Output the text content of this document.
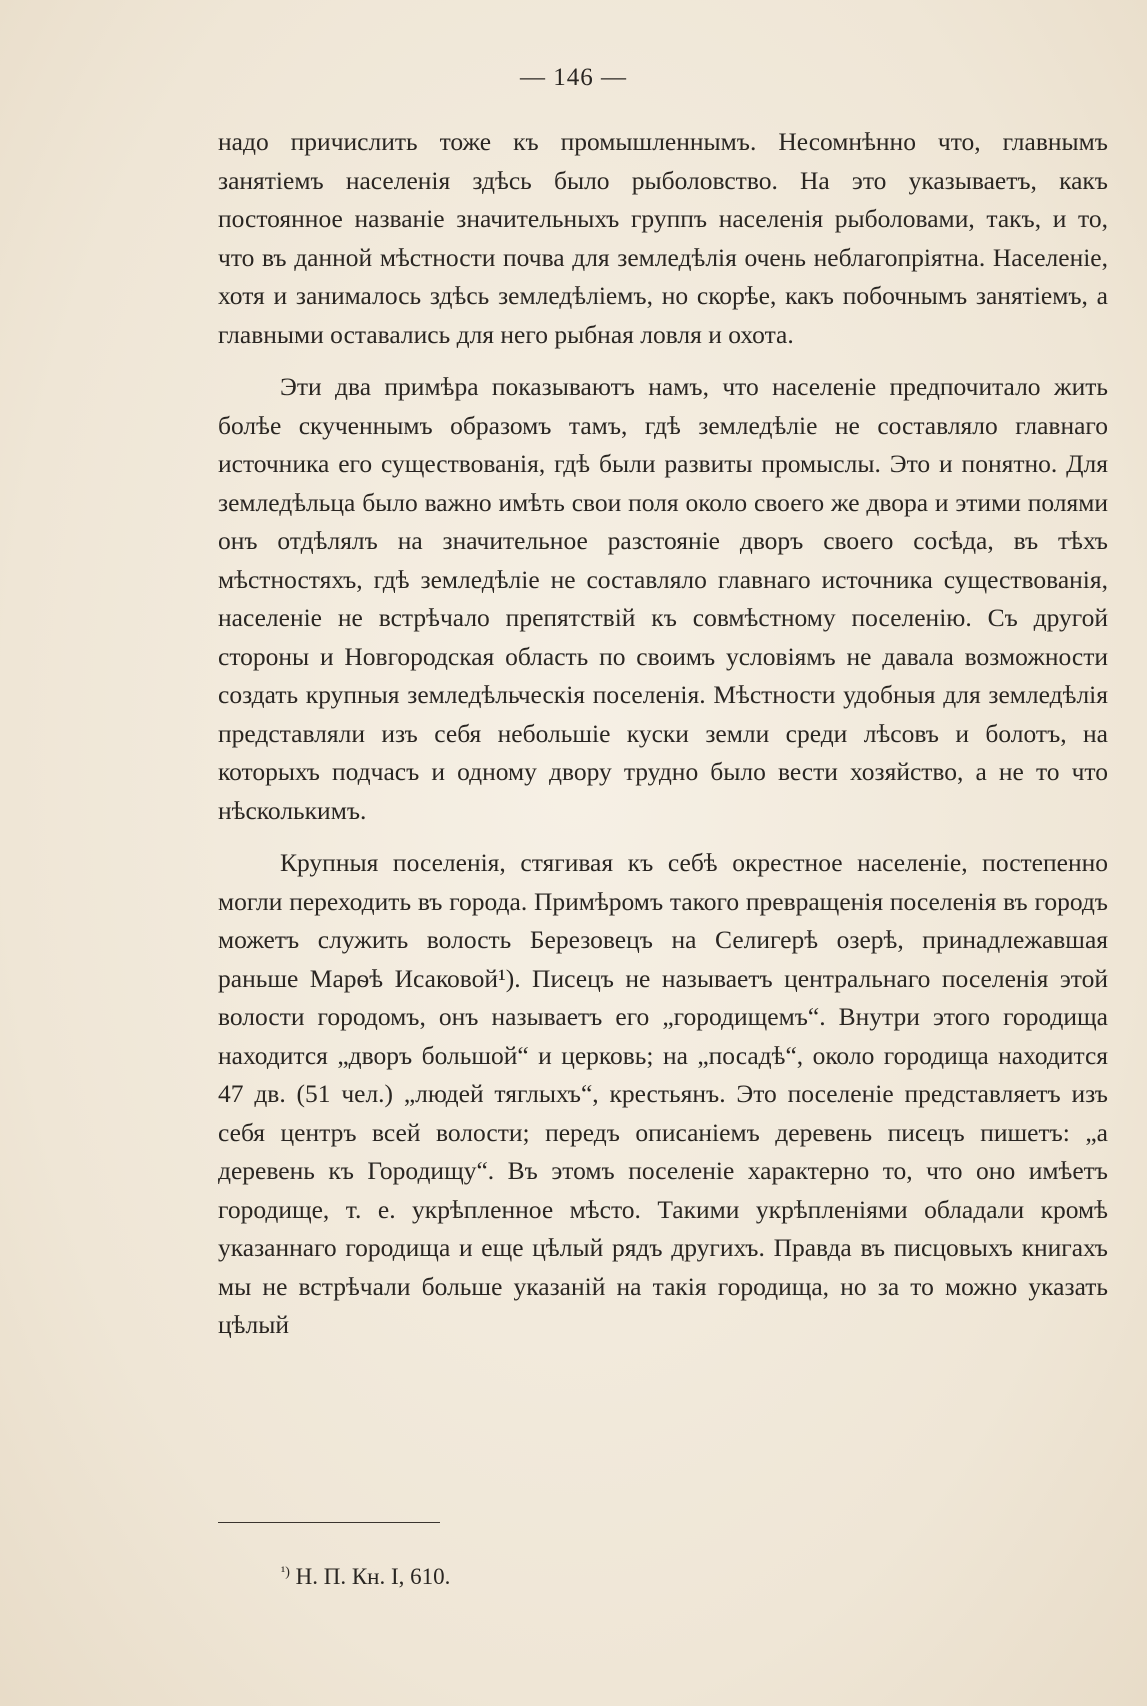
— 146 —

надо причислить тоже къ промышленнымъ. Несомнѣнно что, главнымъ занятіемъ населенія здѣсь было рыболовство. На это указываетъ, какъ постоянное названіе значительныхъ группъ населенія рыболовами, такъ, и то, что въ данной мѣстности почва для земледѣлія очень неблагопріятна. Населеніе, хотя и занималось здѣсь земледѣліемъ, но скорѣе, какъ побочнымъ занятіемъ, а главными оставались для него рыбная ловля и охота.

Эти два примѣра показываютъ намъ, что населеніе предпочитало жить болѣе скученнымъ образомъ тамъ, гдѣ земледѣліе не составляло главнаго источника его существованія, гдѣ были развиты промыслы. Это и понятно. Для земледѣльца было важно имѣть свои поля около своего же двора и этими полями онъ отдѣлялъ на значительное разстояніе дворъ своего сосѣда, въ тѣхъ мѣстностяхъ, гдѣ земледѣліе не составляло главнаго источника существованія, населеніе не встрѣчало препятствій къ совмѣстному поселенію. Съ другой стороны и Новгородская область по своимъ условіямъ не давала возможности создать крупныя земледѣльческія поселенія. Мѣстности удобныя для земледѣлія представляли изъ себя небольшіе куски земли среди лѣсовъ и болотъ, на которыхъ подчасъ и одному двору трудно было вести хозяйство, а не то что нѣсколькимъ.

Крупныя поселенія, стягивая къ себѣ окрестное населеніе, постепенно могли переходить въ города. Примѣромъ такого превращенія поселенія въ городъ можетъ служить волость Березовецъ на Селигерѣ озерѣ, принадлежавшая раньше Марѳѣ Исаковой¹). Писецъ не называетъ центральнаго поселенія этой волости городомъ, онъ называетъ его „городищемъ“. Внутри этого городища находится „дворъ большой“ и церковь; на „посадѣ“, около городища находится 47 дв. (51 чел.) „людей тяглыхъ“, крестьянъ. Это поселеніе представляетъ изъ себя центръ всей волости; передъ описаніемъ деревень писецъ пишетъ: „а деревень къ Городищу“. Въ этомъ поселеніе характерно то, что оно имѣетъ городище, т. е. укрѣпленное мѣсто. Такими укрѣпленіями обладали кромѣ указаннаго городища и еще цѣлый рядъ другихъ. Правда въ писцовыхъ книгахъ мы не встрѣчали больше указаній на такія городища, но за то можно указать цѣлый

$^{^1)}$ Н. П. Кн. I, 610.
